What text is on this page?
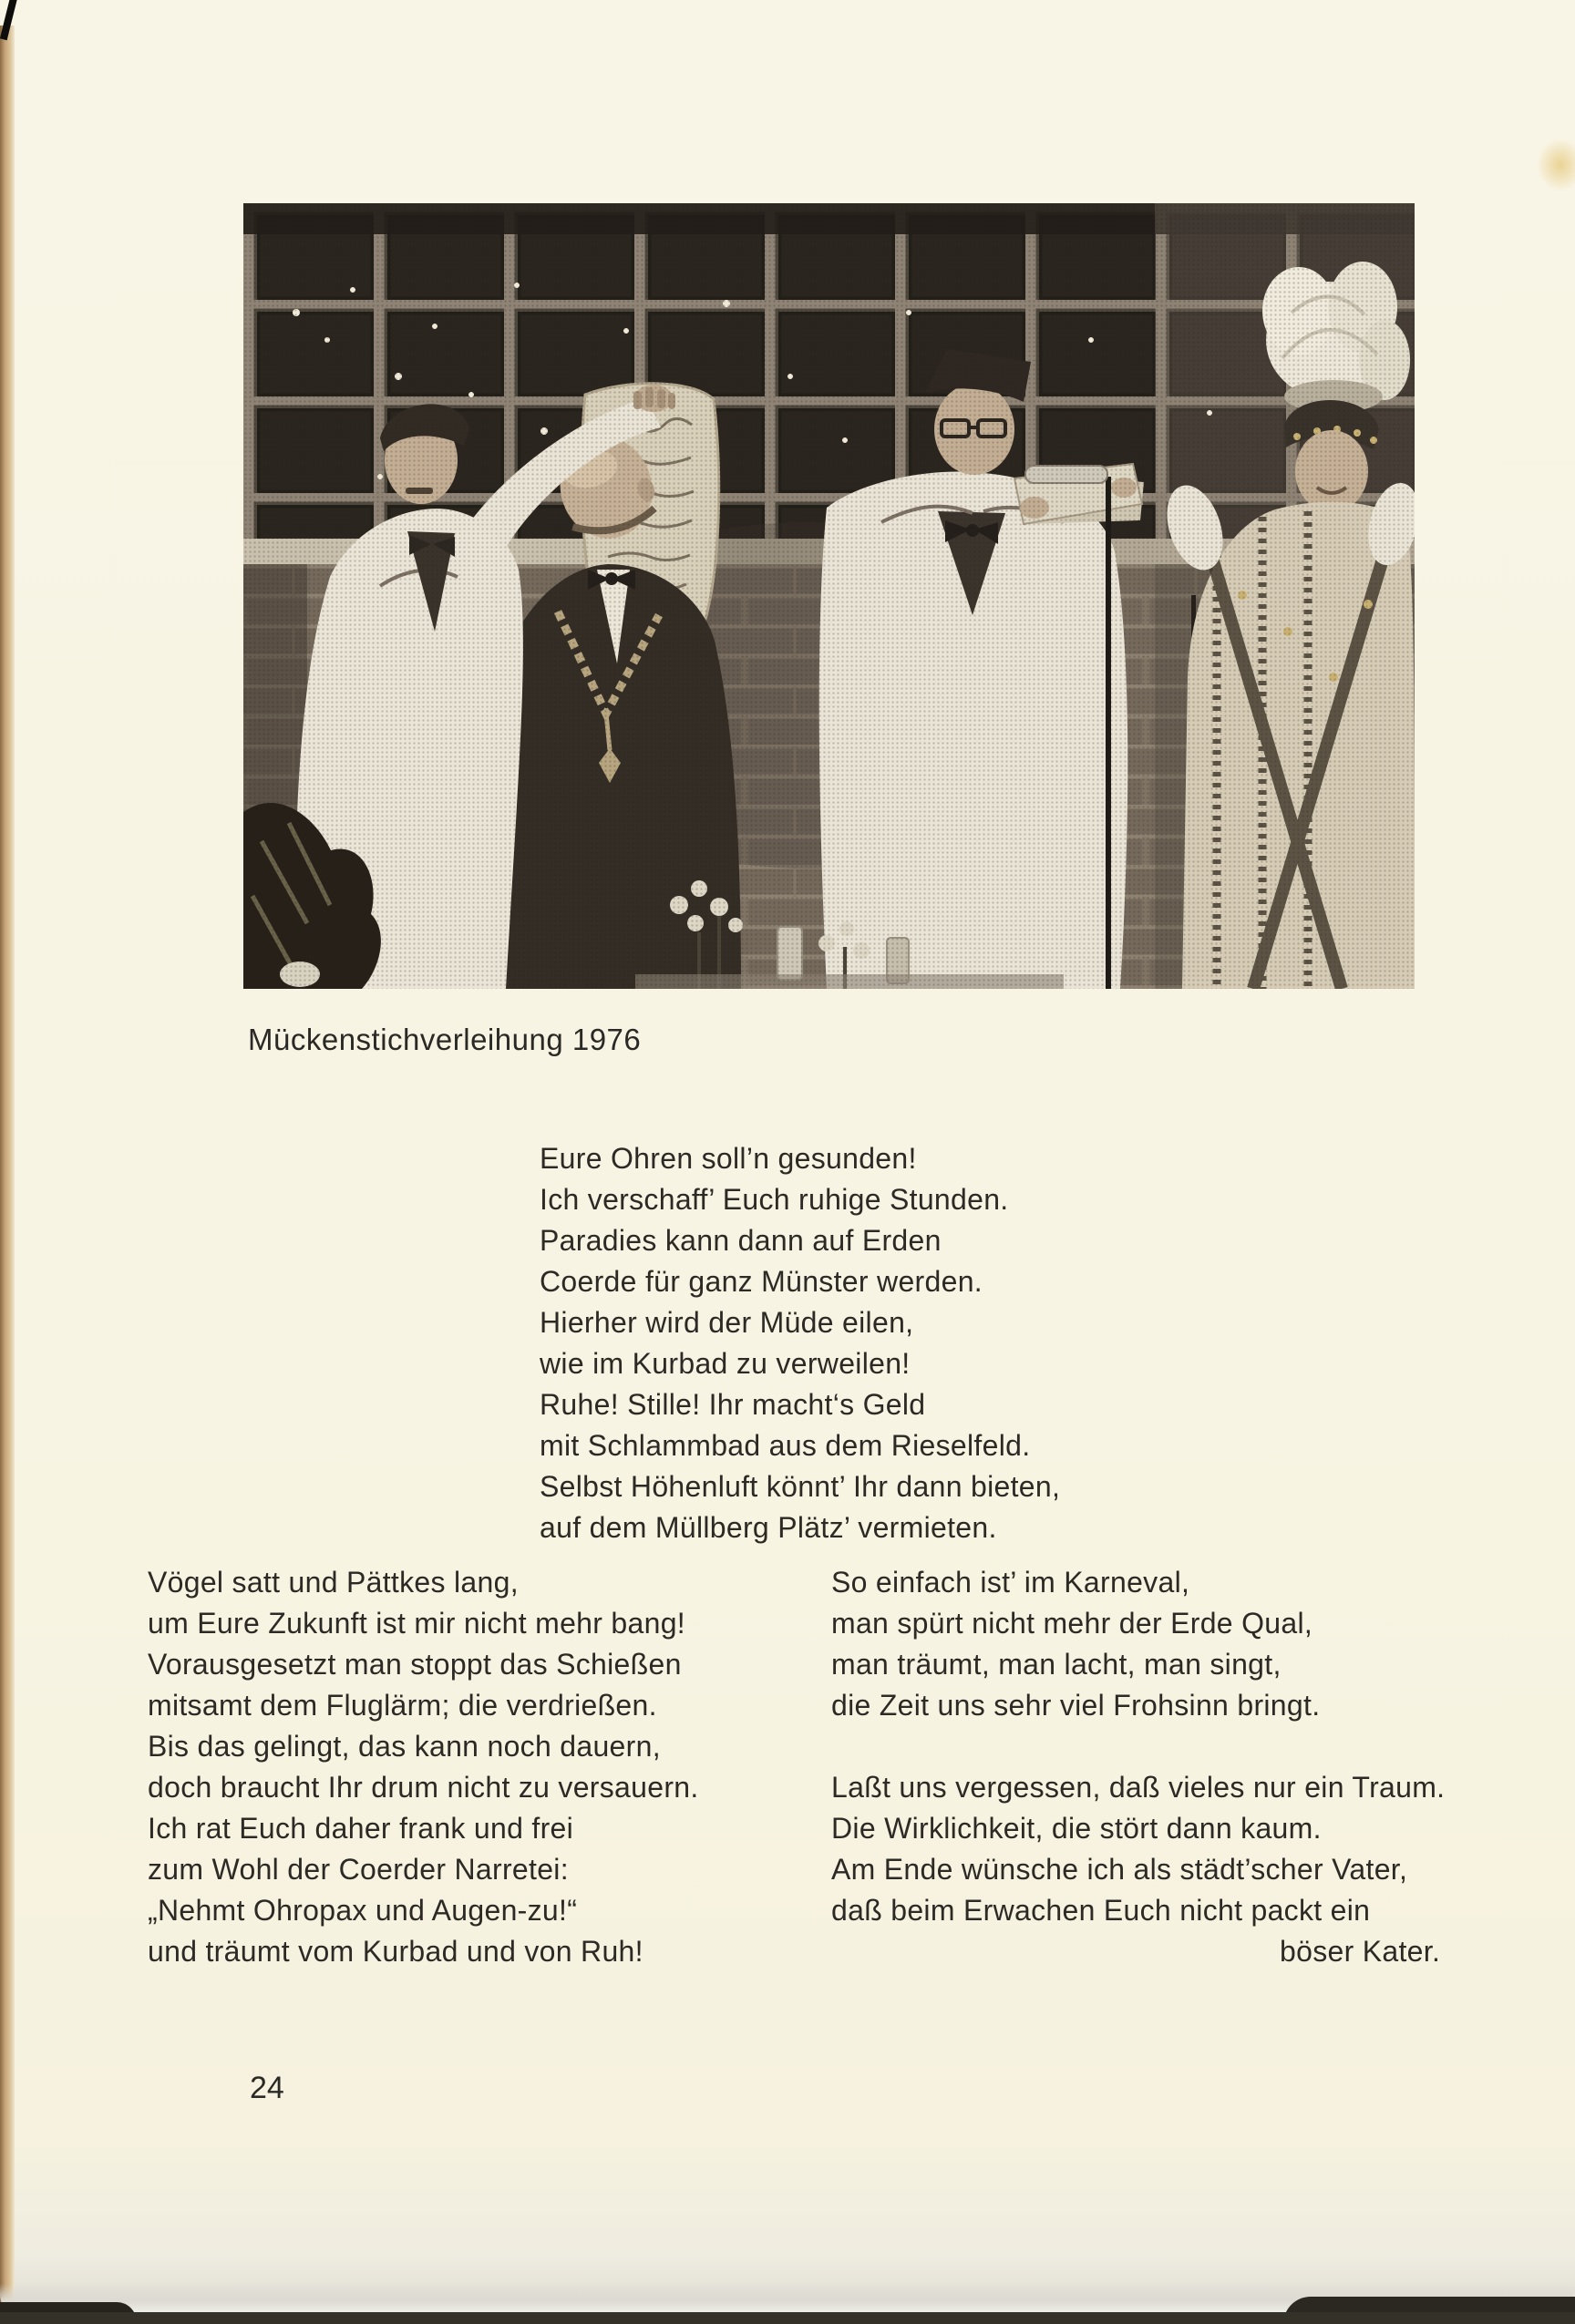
Mückenstichverleihung 1976
Eure Ohren soll’n gesunden!
Ich verschaff’ Euch ruhige Stunden.
Paradies kann dann auf Erden
Coerde für ganz Münster werden.
Hierher wird der Müde eilen,
wie im Kurbad zu verweilen!
Ruhe! Stille! Ihr macht‘s Geld
mit Schlammbad aus dem Rieselfeld.
Selbst Höhenluft könnt’ Ihr dann bieten,
auf dem Müllberg Plätz’ vermieten.
Vögel satt und Pättkes lang,
um Eure Zukunft ist mir nicht mehr bang!
Vorausgesetzt man stoppt das Schießen
mitsamt dem Fluglärm; die verdrießen.
Bis das gelingt, das kann noch dauern,
doch braucht Ihr drum nicht zu versauern.
Ich rat Euch daher frank und frei
zum Wohl der Coerder Narretei:
„Nehmt Ohropax und Augen-zu!“
und träumt vom Kurbad und von Ruh!
So einfach ist’ im Karneval,
man spürt nicht mehr der Erde Qual,
man träumt, man lacht, man singt,
die Zeit uns sehr viel Frohsinn bringt.
Laßt uns vergessen, daß vieles nur ein Traum.
Die Wirklichkeit, die stört dann kaum.
Am Ende wünsche ich als städt’scher Vater,
daß beim Erwachen Euch nicht packt ein
böser Kater.
24
